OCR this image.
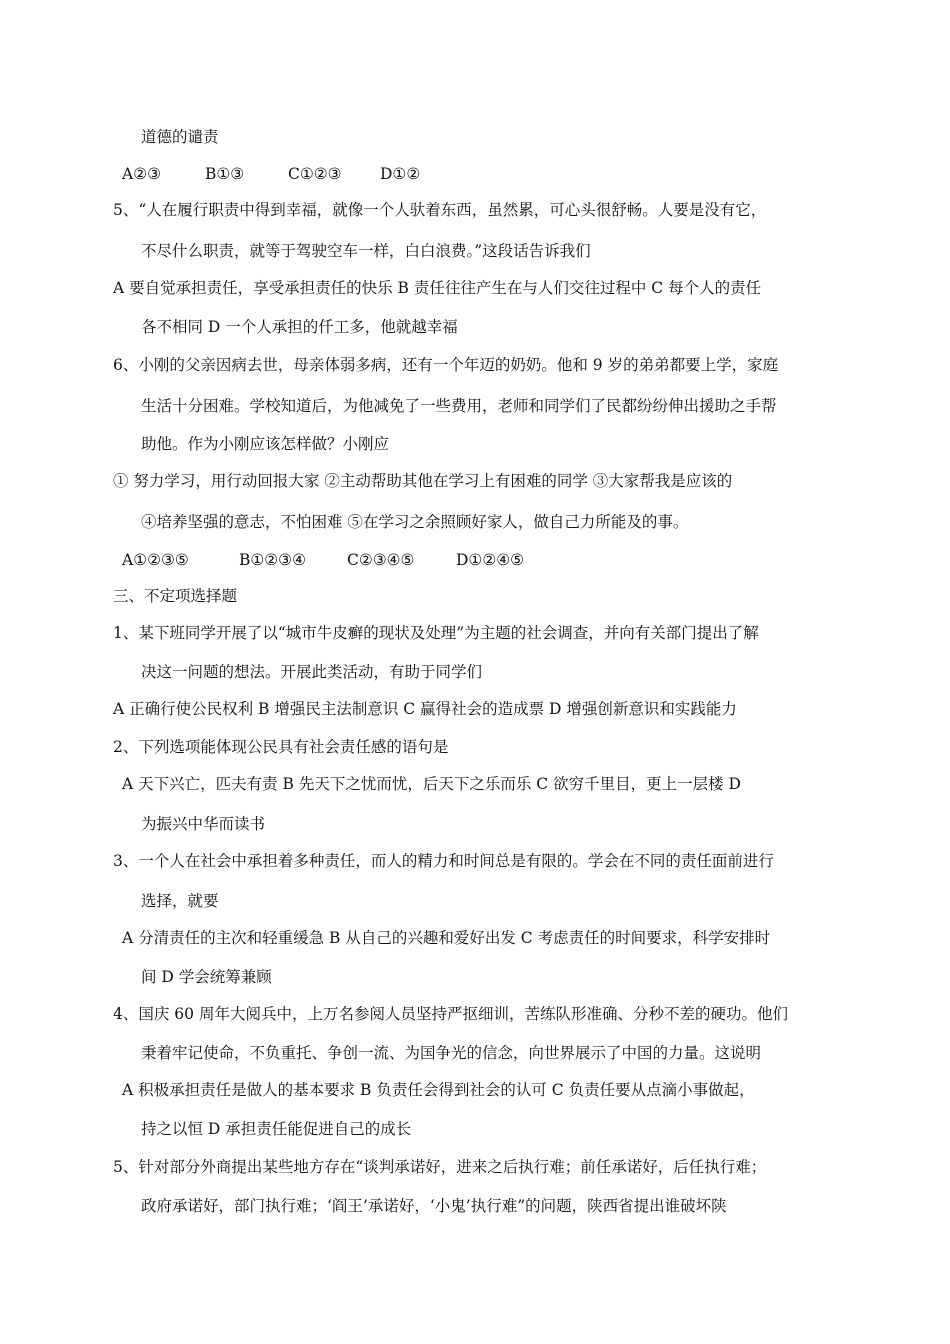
道德的谴责
A②③	B①③	C①②③ D①②
5、“人在履行职责中得到幸福，就像一个人驮着东西，虽然累，可心头很舒畅。人要是没有它，
不尽什么职责，就等于驾驶空车一样，白白浪费。”这段话告诉我们
A 要自觉承担责任，享受承担责任的快乐 B 责任往往产生在与人们交往过程中 C 每个人的责任
各不相同 D 一个人承担的仟工多，他就越幸福
6、小刚的父亲因病去世，母亲体弱多病，还有一个年迈的奶奶。他和 9 岁的弟弟都要上学，家庭
生活十分困难。学校知道后，为他减免了一些费用，老师和同学们了民都纷纷伸出援助之手帮
助他。作为小刚应该怎样做？小刚应
① 努力学习，用行动回报大家 ②主动帮助其他在学习上有困难的同学 ③大家帮我是应该的
④培养坚强的意志，不怕困难 ⑤在学习之余照顾好家人，做自己力所能及的事。
A①②③⑤	B①②③④	C②③④⑤	D①②④⑤
三、不定项选择题
1、某下班同学开展了以“城市牛皮癣的现状及处理”为主题的社会调查，并向有关部门提出了解
决这一问题的想法。开展此类活动，有助于同学们
A 正确行使公民权利 B 增强民主法制意识 C 赢得社会的造成票 D 增强创新意识和实践能力
2、下列选项能体现公民具有社会责任感的语句是
A 天下兴亡，匹夫有责 B 先天下之忧而忧，后天下之乐而乐 C 欲穷千里目，更上一层楼 D
为振兴中华而读书
3、一个人在社会中承担着多种责任，而人的精力和时间总是有限的。学会在不同的责任面前进行
选择，就要
A 分清责任的主次和轻重缓急 B 从自己的兴趣和爱好出发 C 考虑责任的时间要求，科学安排时
间 D 学会统筹兼顾
4、国庆 60 周年大阅兵中，上万名参阅人员坚持严抠细训，苦练队形准确、分秒不差的硬功。他们
秉着牢记使命，不负重托、争创一流、为国争光的信念，向世界展示了中国的力量。这说明
A 积极承担责任是做人的基本要求 B 负责任会得到社会的认可 C 负责任要从点滴小事做起，
持之以恒 D 承担责任能促进自己的成长
5、针对部分外商提出某些地方存在“谈判承诺好，进来之后执行难；前任承诺好，后任执行难；
政府承诺好，部门执行难；‘阎王’承诺好，‘小鬼’执行难”的问题，陕西省提出谁破坏陕
